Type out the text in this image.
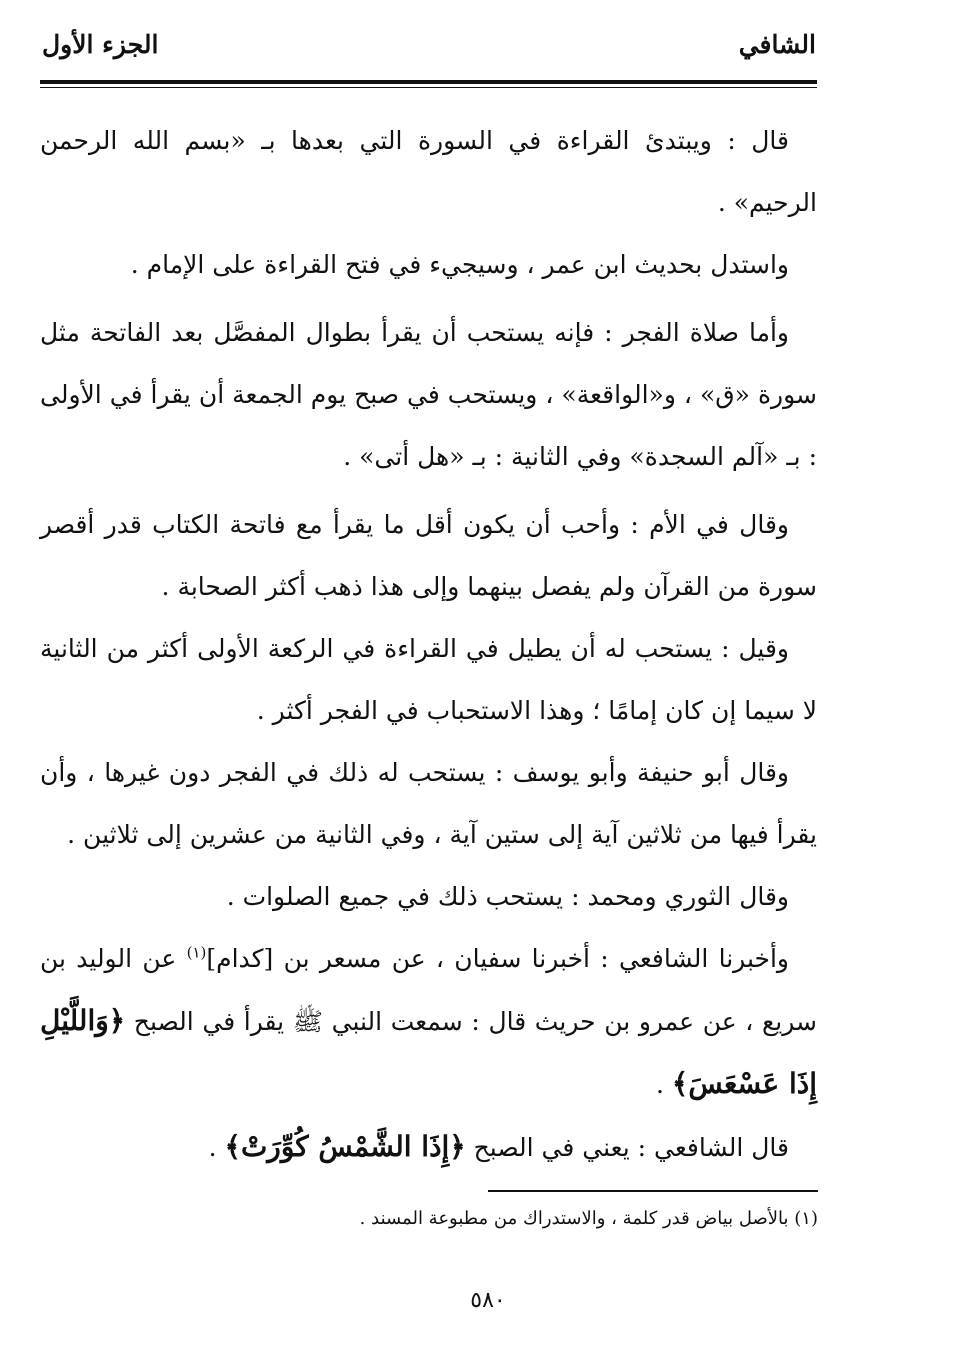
الشافي
الجزء الأول

قال : ويبتدئ القراءة في السورة التي بعدها بـ «بسم الله الرحمن الرحيم» .

واستدل بحديث ابن عمر ، وسيجيء في فتح القراءة على الإمام .

وأما صلاة الفجر : فإنه يستحب أن يقرأ بطوال المفصَّل بعد الفاتحة مثل سورة «ق» ، و«الواقعة» ، ويستحب في صبح يوم الجمعة أن يقرأ في الأولى : بـ «آلم السجدة» وفي الثانية : بـ «هل أتى» .

وقال في الأم : وأحب أن يكون أقل ما يقرأ مع فاتحة الكتاب قدر أقصر سورة من القرآن ولم يفصل بينهما وإلى هذا ذهب أكثر الصحابة .

وقيل : يستحب له أن يطيل في القراءة في الركعة الأولى أكثر من الثانية لا سيما إن كان إمامًا ؛ وهذا الاستحباب في الفجر أكثر .

وقال أبو حنيفة وأبو يوسف : يستحب له ذلك في الفجر دون غيرها ، وأن يقرأ فيها من ثلاثين آية إلى ستين آية ، وفي الثانية من عشرين إلى ثلاثين .

وقال الثوري ومحمد : يستحب ذلك في جميع الصلوات .

وأخبرنا الشافعي : أخبرنا سفيان ، عن مسعر بن [كدام]$^{(١)}$ عن الوليد بن سريع ، عن عمرو بن حريث قال : سمعت النبي ﷺ يقرأ في الصبح ﴿وَاللَّيْلِ إِذَا عَسْعَسَ﴾ .

قال الشافعي : يعني في الصبح ﴿إِذَا الشَّمْسُ كُوِّرَتْ﴾ .

(١) بالأصل بياض قدر كلمة ، والاستدراك من مطبوعة المسند .
٥٨٠
